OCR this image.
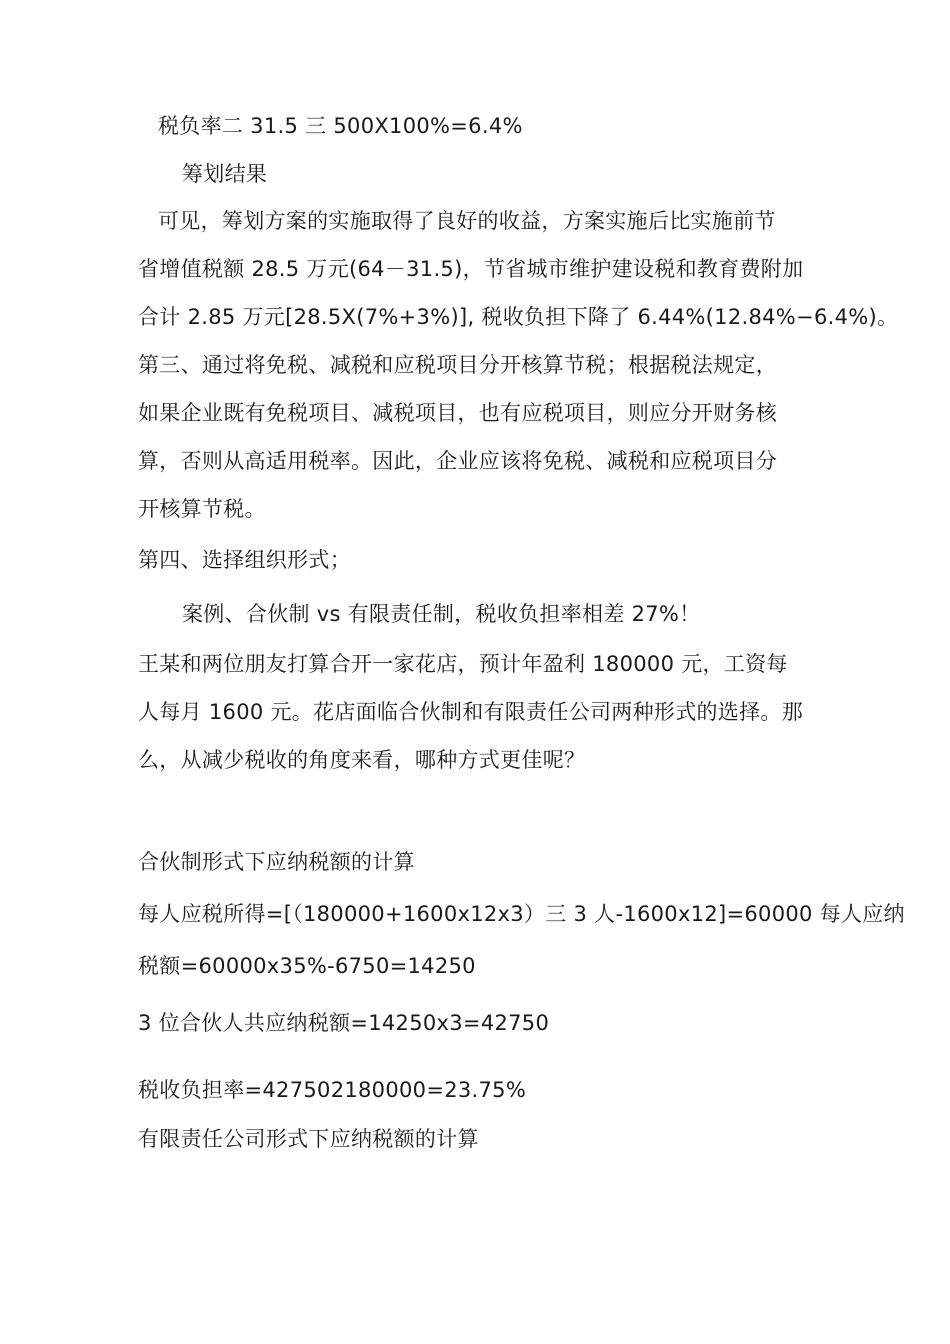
税负率二 31.5 三 500X100%=6.4%
筹划结果
可见，筹划方案的实施取得了良好的收益，方案实施后比实施前节
省增值税额 28.5 万元(64－31.5)，节省城市维护建设税和教育费附加
合计 2.85 万元[28.5X(7%+3%)], 税收负担下降了 6.44%(12.84%−6.4%)。
第三、通过将免税、减税和应税项目分开核算节税；根据税法规定，
如果企业既有免税项目、减税项目，也有应税项目，则应分开财务核
算，否则从高适用税率。因此，企业应该将免税、减税和应税项目分
开核算节税。
第四、选择组织形式；
案例、合伙制 vs 有限责任制，税收负担率相差 27%！
王某和两位朋友打算合开一家花店，预计年盈利 180000 元，工资每
人每月 1600 元。花店面临合伙制和有限责任公司两种形式的选择。那
么，从减少税收的角度来看，哪种方式更佳呢？
合伙制形式下应纳税额的计算
每人应税所得=[（180000+1600x12x3）三 3 人-1600x12]=60000 每人应纳
税额=60000x35%-6750=14250
3 位合伙人共应纳税额=14250x3=42750
税收负担率=427502180000=23.75%
有限责任公司形式下应纳税额的计算
